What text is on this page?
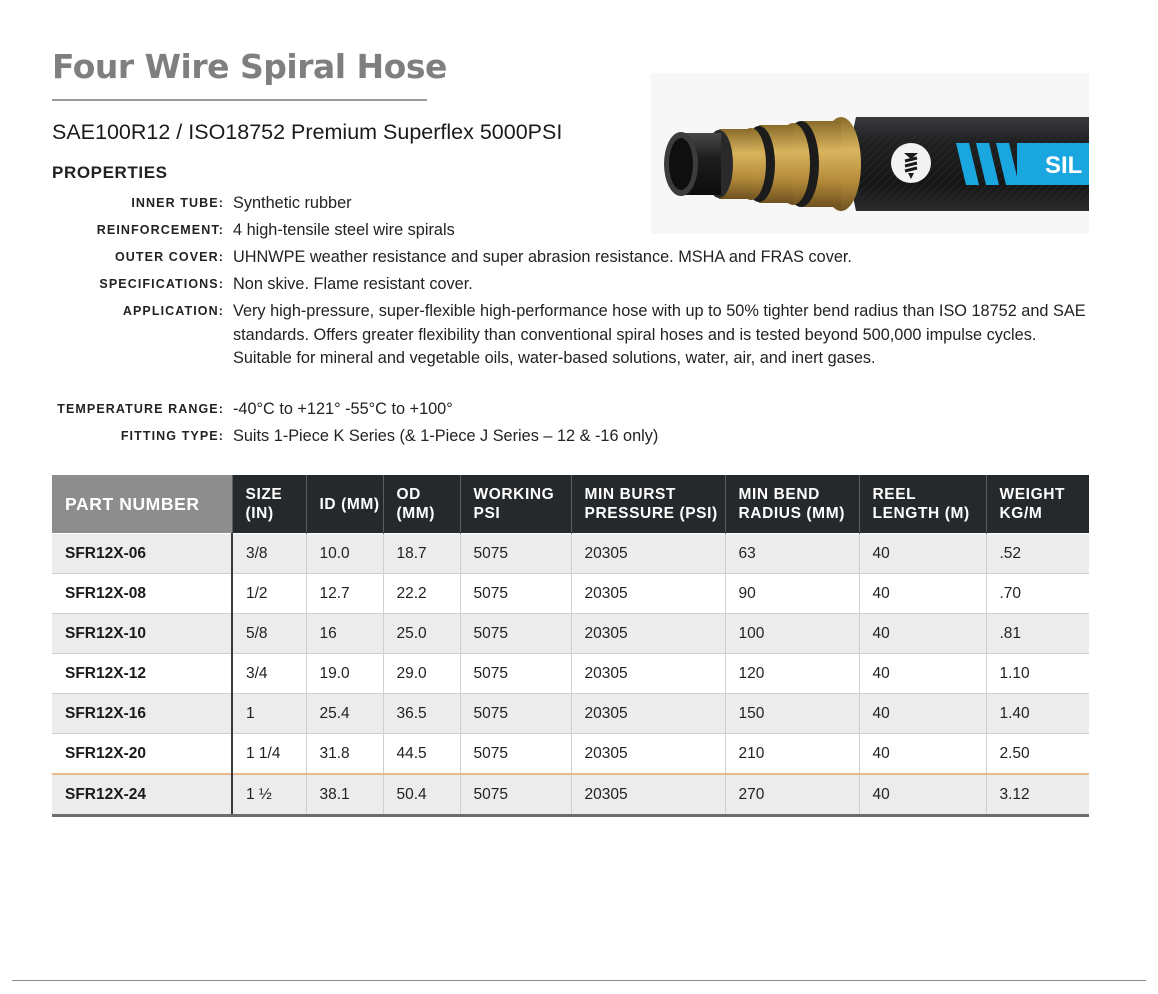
Four Wire Spiral Hose
SAE100R12 / ISO18752 Premium Superflex 5000PSI
PROPERTIES
INNER TUBE: Synthetic rubber
REINFORCEMENT: 4 high-tensile steel wire spirals
OUTER COVER: UHNWPE weather resistance and super abrasion resistance. MSHA and FRAS cover.
SPECIFICATIONS: Non skive. Flame resistant cover.
APPLICATION: Very high-pressure, super-flexible high-performance hose with up to 50% tighter bend radius than ISO 18752 and SAE standards. Offers greater flexibility than conventional spiral hoses and is tested beyond 500,000 impulse cycles. Suitable for mineral and vegetable oils, water-based solutions, water, air, and inert gases.
TEMPERATURE RANGE: -40°C to +121° -55°C to +100°
FITTING TYPE: Suits 1-Piece K Series (& 1-Piece J Series – 12 & -16 only)
SIL
PART NUMBER	SIZE (IN)	ID (MM)	OD (MM)	WORKING PSI	MIN BURST PRESSURE (PSI)	MIN BEND RADIUS (MM)	REEL LENGTH (M)	WEIGHT KG/M
SFR12X-06	3/8	10.0	18.7	5075	20305	63	40	.52
SFR12X-08	1/2	12.7	22.2	5075	20305	90	40	.70
SFR12X-10	5/8	16	25.0	5075	20305	100	40	.81
SFR12X-12	3/4	19.0	29.0	5075	20305	120	40	1.10
SFR12X-16	1	25.4	36.5	5075	20305	150	40	1.40
SFR12X-20	1 1/4	31.8	44.5	5075	20305	210	40	2.50
SFR12X-24	1 ½	38.1	50.4	5075	20305	270	40	3.12
